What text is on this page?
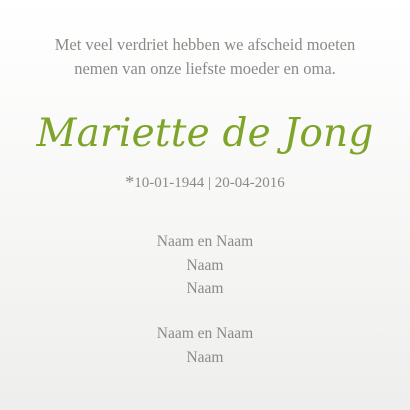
Met veel verdriet hebben we afscheid moeten
nemen van onze liefste moeder en oma.
Mariette de Jong
*10-01-1944 | 20-04-2016
Naam en Naam
Naam
Naam
Naam en Naam
Naam
